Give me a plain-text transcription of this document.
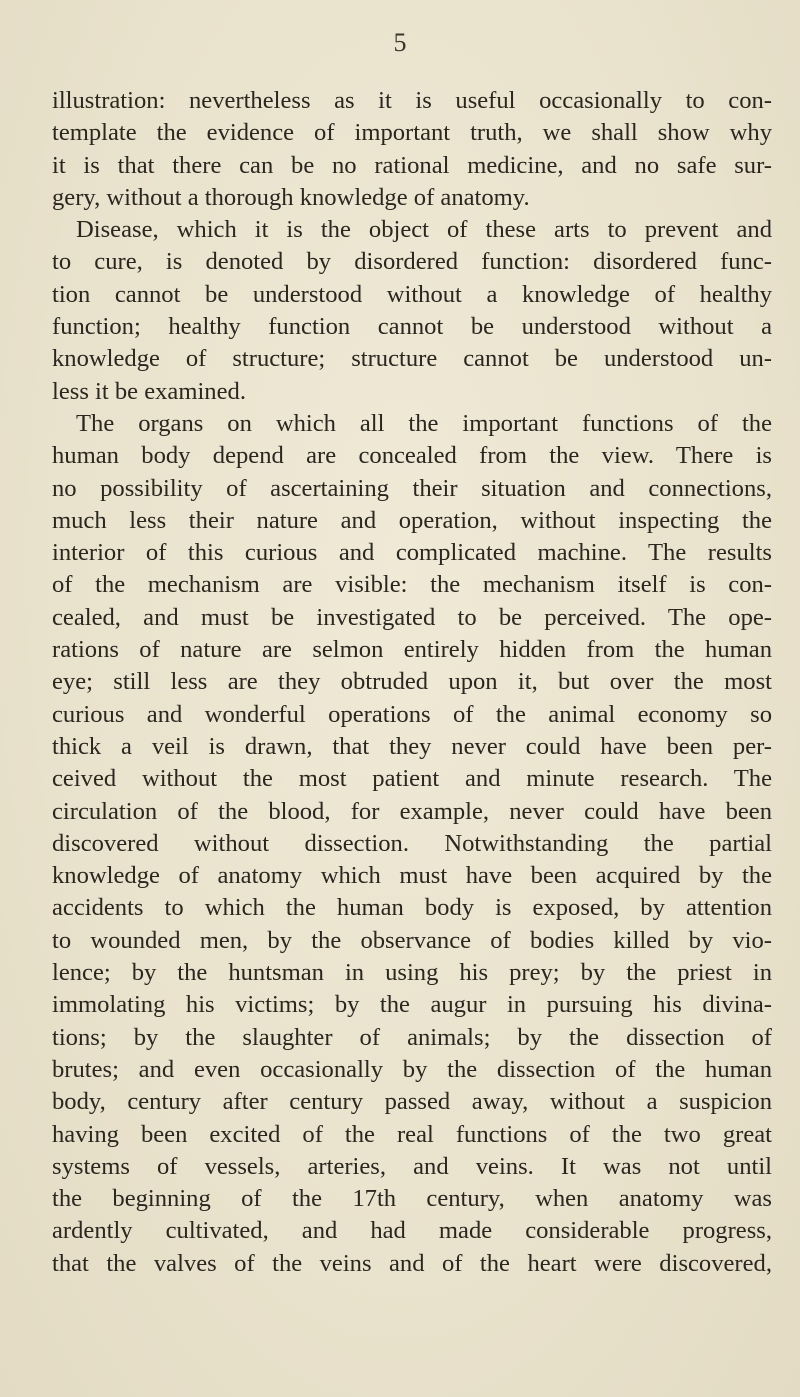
5
illustration: nevertheless as it is useful occasionally to con-
template the evidence of important truth, we shall show why
it is that there can be no rational medicine, and no safe sur-
gery, without a thorough knowledge of anatomy.
Disease, which it is the object of these arts to prevent and
to cure, is denoted by disordered function: disordered func-
tion cannot be understood without a knowledge of healthy
function; healthy function cannot be understood without a
knowledge of structure; structure cannot be understood un-
less it be examined.
The organs on which all the important functions of the
human body depend are concealed from the view. There is
no possibility of ascertaining their situation and connections,
much less their nature and operation, without inspecting the
interior of this curious and complicated machine. The results
of the mechanism are visible: the mechanism itself is con-
cealed, and must be investigated to be perceived. The ope-
rations of nature are selmon entirely hidden from the human
eye; still less are they obtruded upon it, but over the most
curious and wonderful operations of the animal economy so
thick a veil is drawn, that they never could have been per-
ceived without the most patient and minute research. The
circulation of the blood, for example, never could have been
discovered without dissection. Notwithstanding the partial
knowledge of anatomy which must have been acquired by the
accidents to which the human body is exposed, by attention
to wounded men, by the observance of bodies killed by vio-
lence; by the huntsman in using his prey; by the priest in
immolating his victims; by the augur in pursuing his divina-
tions; by the slaughter of animals; by the dissection of
brutes; and even occasionally by the dissection of the human
body, century after century passed away, without a suspicion
having been excited of the real functions of the two great
systems of vessels, arteries, and veins. It was not until
the beginning of the 17th century, when anatomy was
ardently cultivated, and had made considerable progress,
that the valves of the veins and of the heart were discovered,
